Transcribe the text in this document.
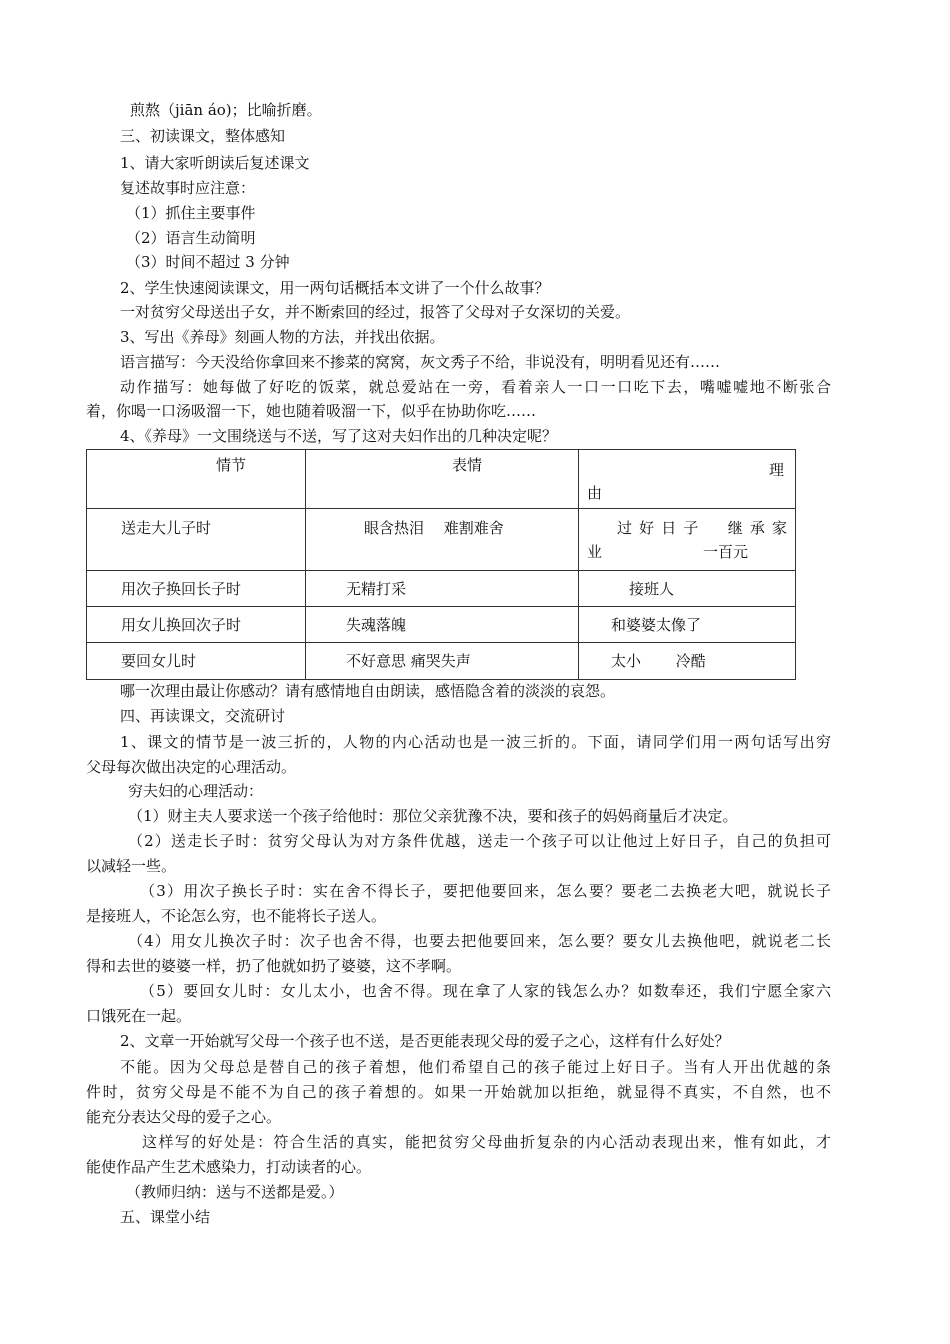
煎熬（jiān áo)；比喻折磨。
三、初读课文，整体感知
1、请大家听朗读后复述课文
复述故事时应注意：
（1）抓住主要事件
（2）语言生动简明
（3）时间不超过 3 分钟
2、学生快速阅读课文，用一两句话概括本文讲了一个什么故事？
一对贫穷父母送出子女，并不断索回的经过，报答了父母对子女深切的关爱。
3、写出《养母》刻画人物的方法，并找出依据。
语言描写：今天没给你拿回来不掺菜的窝窝，灰文秀子不给，非说没有，明明看见还有……
动作描写：她每做了好吃的饭菜，就总爱站在一旁，看着亲人一口一口吃下去，嘴嘘嘘地不断张合
着，你喝一口汤吸溜一下，她也随着吸溜一下，似乎在协助你吃……
4、《养母》一文围绕送与不送，写了这对夫妇作出的几种决定呢？
情节	表情	理
由

送走大儿子时	眼含热泪　 难割难舍	过好日子　继承家
业 一百元

用次子换回长子时	无精打采	接班人

用女儿换回次子时	失魂落魄	和婆婆太像了

要回女儿时	不好意思 痛哭失声	太小　　 冷酷
哪一次理由最让你感动？请有感情地自由朗读，感悟隐含着的淡淡的哀怨。
四、再读课文，交流研讨
1、课文的情节是一波三折的，人物的内心活动也是一波三折的。下面，请同学们用一两句话写出穷
父母每次做出决定的心理活动。
穷夫妇的心理活动：
（1）财主夫人要求送一个孩子给他时：那位父亲犹豫不决，要和孩子的妈妈商量后才决定。
（2）送走长子时：贫穷父母认为对方条件优越，送走一个孩子可以让他过上好日子，自己的负担可
以减轻一些。
（3）用次子换长子时：实在舍不得长子，要把他要回来，怎么要？要老二去换老大吧，就说长子
是接班人，不论怎么穷，也不能将长子送人。
（4）用女儿换次子时：次子也舍不得，也要去把他要回来，怎么要？要女儿去换他吧，就说老二长
得和去世的婆婆一样，扔了他就如扔了婆婆，这不孝啊。
（5）要回女儿时：女儿太小，也舍不得。现在拿了人家的钱怎么办？如数奉还，我们宁愿全家六
口饿死在一起。
2、文章一开始就写父母一个孩子也不送，是否更能表现父母的爱子之心，这样有什么好处？
不能。因为父母总是替自己的孩子着想，他们希望自己的孩子能过上好日子。当有人开出优越的条
件时，贫穷父母是不能不为自己的孩子着想的。如果一开始就加以拒绝，就显得不真实，不自然，也不
能充分表达父母的爱子之心。
这样写的好处是：符合生活的真实，能把贫穷父母曲折复杂的内心活动表现出来，惟有如此，才
能使作品产生艺术感染力，打动读者的心。
（教师归纳：送与不送都是爱。）
五、课堂小结
